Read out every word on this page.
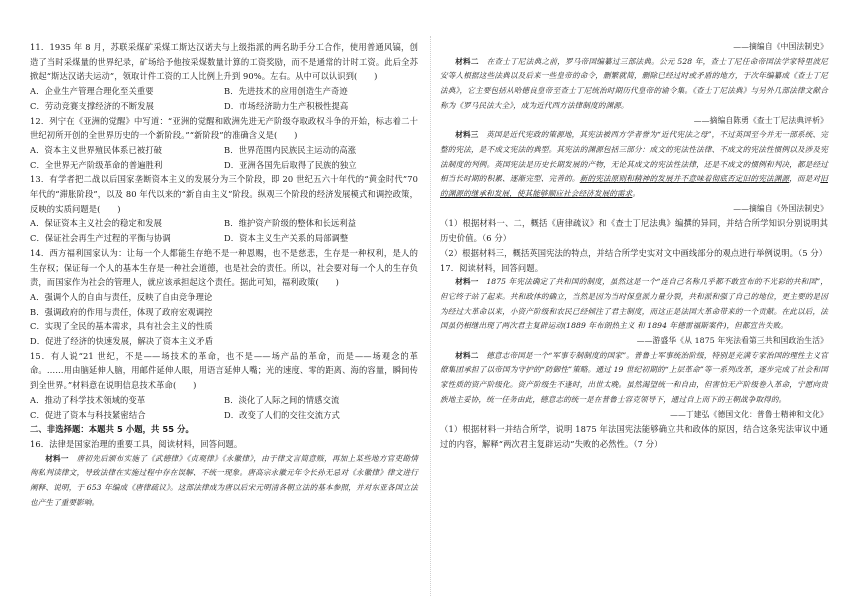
11．1935 年 8 月，苏联采煤矿采煤工斯达汉诺夫与上级指派的两名助手分工合作，使用普通风镐，创造了当时采煤量的世界纪录，矿场给予他按采煤数量计算的工资奖励，而不是通常的计时工资。此后全苏掀起“斯达汉诺夫运动”，领取计件工资的工人比例上升到 90%。左右。从中可以认识到(　　)

A．企业生产管理合理化至关重要	B．先进技术的应用创造生产奇迹
C．劳动竞赛支撑经济的不断发展	D．市场经济助力生产积极性提高

12．列宁在《亚洲的觉醒》中写道：“亚洲的觉醒和欧洲先进无产阶级夺取政权斗争的开始，标志着二十世纪初所开创的全世界历史的一个新阶段。”“新阶段”的准确含义是(　　)

A．资本主义世界殖民体系已被打破	B．世界范围内民族民主运动的高涨
C．全世界无产阶级革命的普遍胜利	D．亚洲各国先后取得了民族的独立

13．有学者把二战以后国家垄断资本主义的发展分为三个阶段，即 20 世纪五六十年代的“黄金时代”70 年代的“滞胀阶段”，以及 80 年代以来的“新自由主义”阶段。纵观三个阶段的经济发展模式和调控政策，反映的实质问题是(　　)

A．保证资本主义社会的稳定和发展	B．维护资产阶级的整体和长远利益
C．保证社会再生产过程的平衡与协调	D．资本主义生产关系的局部调整

14．西方福利国家认为：让每一个人都能生存绝不是一种恩赐，也不是慈悲，生存是一种权利，是人的生存权；保证每一个人的基本生存是一种社会道德，也是社会的责任。所以，社会要对每一个人的生存负责，而国家作为社会的管理人，就应该承担起这个责任。据此可知，福利政策(　　)

A．强调个人的自由与责任，反映了自由竞争理论

B．强调政府的作用与责任，体现了政府宏观调控

C．实现了全民的基本需求，具有社会主义的性质

D．促进了经济的快速发展，解决了资本主义矛盾

15．有人说“21 世纪，不是——场技术的革命，也不是——场产品的革命，而是——场观念的革命。……用由脑延伸人脑，用邮件延伸人眼，用语言延伸人嘴；光的速度、零的距离、海的容量，瞬间传到全世界。”材料意在说明信息技术革命(　　)

A．推动了科学技术领域的变革	B．淡化了人际之间的情感交流
C．促进了资本与科技紧密结合	D．改变了人们的交往交流方式

二、非选择题：本题共 5 小题，共 55 分。

16．法律是国家治理的重要工具，阅读材料，回答问题。

材料一　 唐初先后颁布实施了《武德律》《贞观律》《永徽律》，由于律文言简意赅，再加上某些地方官吏勘情徇私判读律文，导致法律在实施过程中存在误解、不统一现象。唐高宗永徽元年令长孙无忌对《永徽律》律文进行阐释、说明，于 653 年编成《唐律疏议》。这部法律成为唐以后宋元明清各朝立法的基本参照，并对东亚各国立法也产生了重要影响。

——摘编自《中国法制史》

材料二　 在查士丁尼法典之前，罗马帝国编纂过三部法典。公元 528 年，查士丁尼任命帝国法学家特里波尼安等人根据这些法典以及后来一些皇帝的命令，删繁就简，删除已经过时或矛盾的地方，于次年编纂成《查士丁尼法典》，它主要包括从哈德良皇帝至查士丁尼统治时期历代皇帝的谕令集。《查士丁尼法典》与另外几部法律文献合称为《罗马民法大全》，成为近代西方法律制度的渊源。

——摘编自陈勇《查士丁尼法典评析》

材料三　 英国是近代宪政的策源地，其宪法被西方学者誉为“近代宪法之母”，不过英国至今并无一部系统、完整的宪法，是不成文宪法的典型。其宪法的渊源包括三部分：成文的宪法性法律、不成文的宪法性惯例以及涉及宪法制度的判例。英国宪法是历史长期发展的产物，无论其成文的宪法性法律，还是不成文的惯例和判决，都是经过相当长时期的积累、逐渐完型、完善的。新的宪法原则和精神的发展并不意味着彻底否定旧的宪法渊源，而是对旧的渊源的继承和发展，使其能够顺应社会经济发展的需求。

——摘编自《外国法制史》

（1）根据材料一、二，概括《唐律疏议》和《查士丁尼法典》编撰的异同，并结合所学知识分别说明其历史价值。（6 分）

（2）根据材料三，概括英国宪法的特点，并结合所学史实对文中画线部分的观点进行举例说明。（5 分）

17．阅读材料，回答问题。

材料一　 1875 年宪法确定了共和国的制度，虽然这是一个“连自己名称几乎都不敢宣布的不光彩的共和国”，但它终于站了起来。共和政体的确立，当然是因为当时保皇派力量分裂，共和派和强了自己的地位，更主要的是因为经过大革命以来，小资产阶级和农民已经倾注了君主制度，而这正是法国大革命带来的一个贡献。在此以后，法国虽仍相继出现了两次君主复辟运动(1889 年布朗热主义 和 1894 年德雷福斯案件)，但都宣告失败。

——游盛华《从 1875 年宪法看第三共和国政治生活》

材料二　 德意志帝国是一个“军事专制制度的国家”。普鲁士军事统治阶级，特别是充满专家治国的理性主义官僚集团承担了以帝国为守护的“防御性”策略。通过 19 世纪初期的“上层革命”等一系列改革，逐步完成了社会和国家性质的资产阶级化。资产阶级生不逢时，出世太晚。虽然渴望统一和自由，但害怕无产阶级卷入革命，宁愿向贵族地主妥协，统一任务由此，德意志的统一是在普鲁士容克领导下，通过自上而下的王朝战争取得的。

——丁建弘《德国文化：普鲁士精神和文化》

（1）根据材料一并结合所学，说明 1875 年法国宪法能够确立共和政体的原因，结合这条宪法审议中通过的内容，解释“两次君主复辟运动”失败的必然性。（7 分）
